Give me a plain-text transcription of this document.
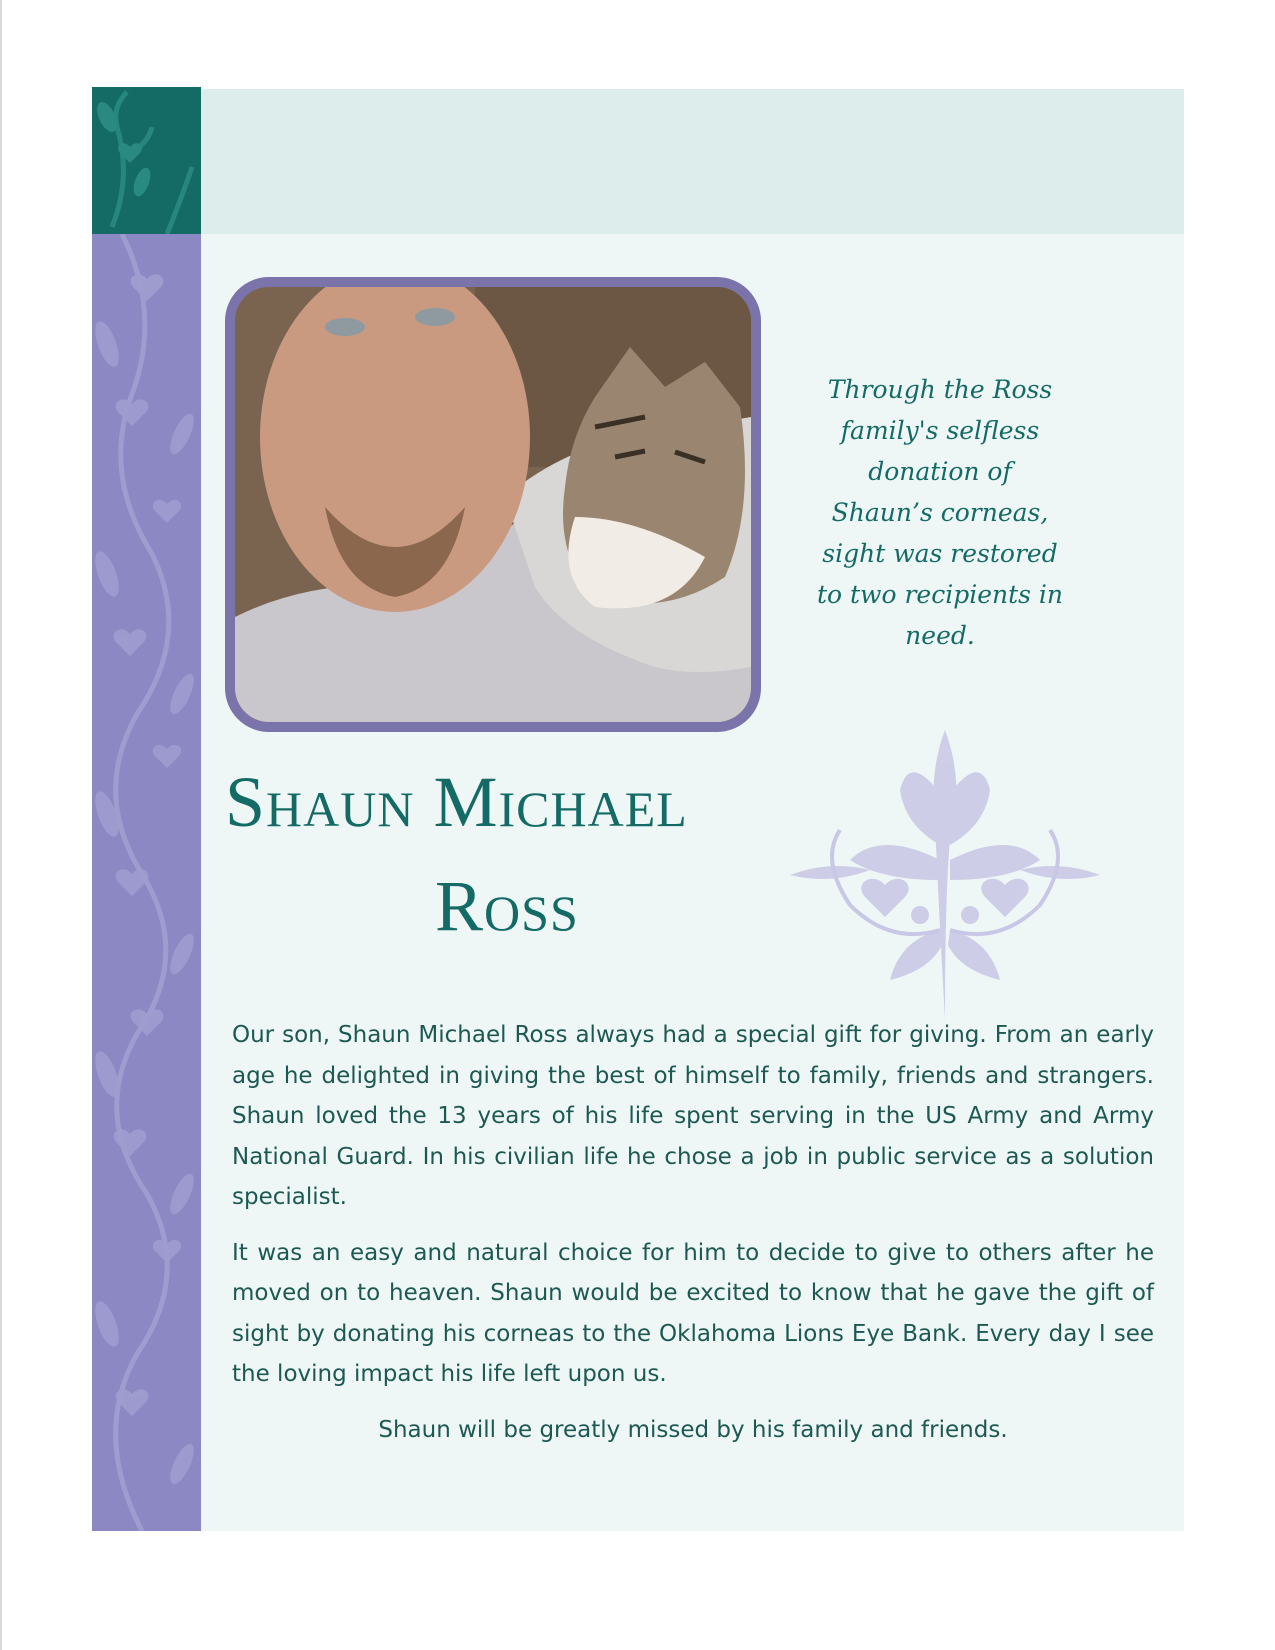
Through the Ross
family's selfless
donation of
Shaun’s corneas,
sight was restored
to two recipients in
need.
Shaun Michael
Ross

Our son, Shaun Michael Ross always had a special gift for giving. From an early age he delighted in giving the best of himself to family, friends and strangers. Shaun loved the 13 years of his life spent serving in the US Army and Army National Guard. In his civilian life he chose a job in public service as a solution specialist.

It was an easy and natural choice for him to decide to give to others after he moved on to heaven. Shaun would be excited to know that he gave the gift of sight by donating his corneas to the Oklahoma Lions Eye Bank. Every day I see the loving impact his life left upon us.

Shaun will be greatly missed by his family and friends.
